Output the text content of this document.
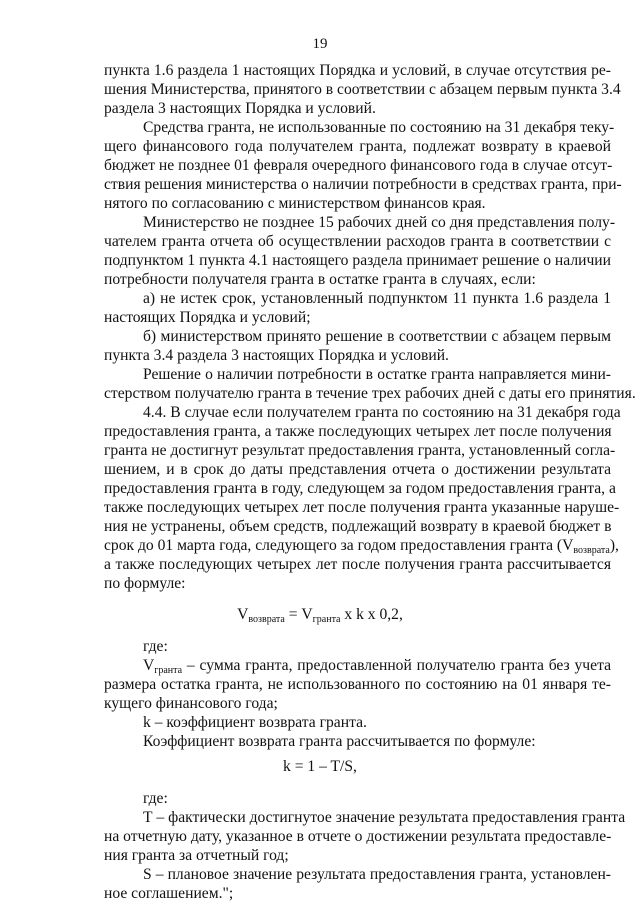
19

пункта 1.6 раздела 1 настоящих Порядка и условий, в случае отсутствия ре-

шения Министерства, принятого в соответствии с абзацем первым пункта 3.4

раздела 3 настоящих Порядка и условий.

Средства гранта, не использованные по состоянию на 31 декабря теку-

щего финансового года получателем гранта, подлежат возврату в краевой

бюджет не позднее 01 февраля очередного финансового года в случае отсут-

ствия решения министерства о наличии потребности в средствах гранта, при-

нятого по согласованию с министерством финансов края.

Министерство не позднее 15 рабочих дней со дня представления полу-

чателем гранта отчета об осуществлении расходов гранта в соответствии с

подпунктом 1 пункта 4.1 настоящего раздела принимает решение о наличии

потребности получателя гранта в остатке гранта в случаях, если:

а) не истек срок, установленный подпунктом 11 пункта 1.6 раздела 1

настоящих Порядка и условий;

б) министерством принято решение в соответствии с абзацем первым

пункта 3.4 раздела 3 настоящих Порядка и условий.

Решение о наличии потребности в остатке гранта направляется мини-

стерством получателю гранта в течение трех рабочих дней с даты его принятия.

4.4. В случае если получателем гранта по состоянию на 31 декабря года

предоставления гранта, а также последующих четырех лет после получения

гранта не достигнут результат предоставления гранта, установленный согла-

шением, и в срок до даты представления отчета о достижении результата

предоставления гранта в году, следующем за годом предоставления гранта, а

также последующих четырех лет после получения гранта указанные наруше-

ния не устранены, объем средств, подлежащий возврату в краевой бюджет в

срок до 01 марта года, следующего за годом предоставления гранта $(V_{возврата})$,

а также последующих четырех лет после получения гранта рассчитывается

по формуле:

$V_{возврата} = V_{гранта}$ х k х 0,2,

где:

$V_{гранта}$ – сумма гранта, предоставленной получателю гранта без учета

размера остатка гранта, не использованного по состоянию на 01 января те-

кущего финансового года;

k – коэффициент возврата гранта.

Коэффициент возврата гранта рассчитывается по формуле:

k = 1 – T/S,

где:

Т – фактически достигнутое значение результата предоставления гранта

на отчетную дату, указанное в отчете о достижении результата предоставле-

ния гранта за отчетный год;

S – плановое значение результата предоставления гранта, установлен-

ное соглашением.";
